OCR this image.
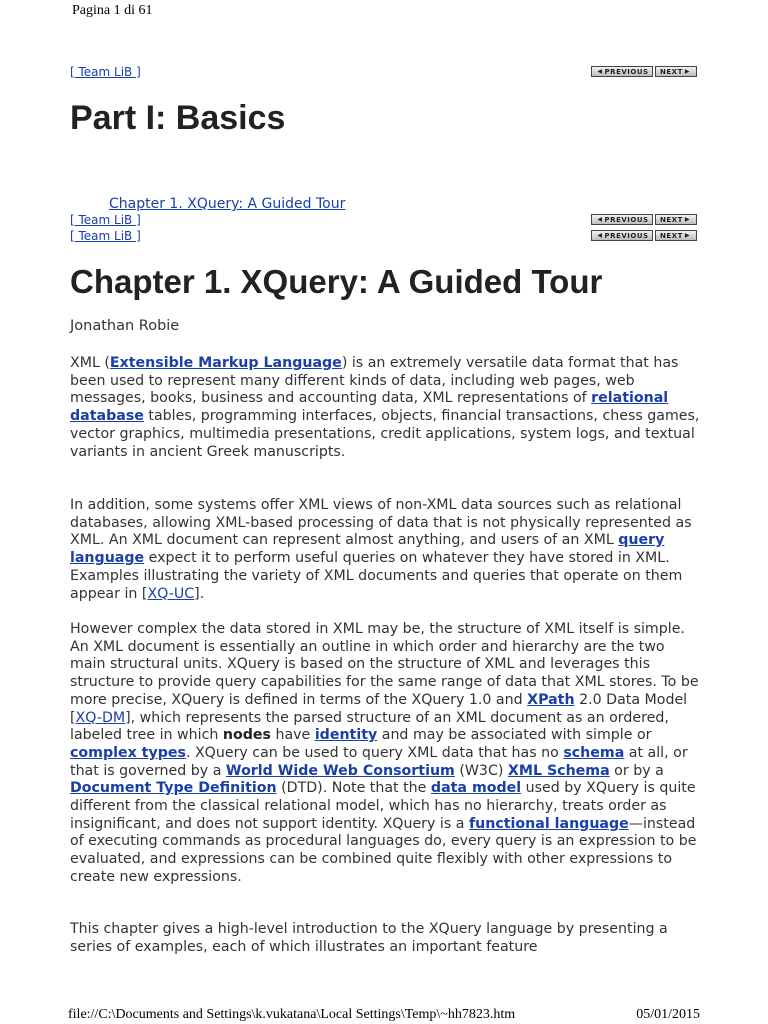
Pagina 1 di 61
[ Team LiB ]	◀ PREVIOUS NEXT ▶
Part I: Basics
Chapter 1. XQuery: A Guided Tour
[ Team LiB ]	◀ PREVIOUS NEXT ▶
[ Team LiB ]	◀ PREVIOUS NEXT ▶
Chapter 1. XQuery: A Guided Tour
Jonathan Robie
XML (Extensible Markup Language) is an extremely versatile data format that has been used to represent many different kinds of data, including web pages, web messages, books, business and accounting data, XML representations of relational database tables, programming interfaces, objects, financial transactions, chess games, vector graphics, multimedia presentations, credit applications, system logs, and textual variants in ancient Greek manuscripts.
In addition, some systems offer XML views of non-XML data sources such as relational databases, allowing XML-based processing of data that is not physically represented as XML. An XML document can represent almost anything, and users of an XML query language expect it to perform useful queries on whatever they have stored in XML. Examples illustrating the variety of XML documents and queries that operate on them appear in [XQ-UC].
However complex the data stored in XML may be, the structure of XML itself is simple. An XML document is essentially an outline in which order and hierarchy are the two main structural units. XQuery is based on the structure of XML and leverages this structure to provide query capabilities for the same range of data that XML stores. To be more precise, XQuery is defined in terms of the XQuery 1.0 and XPath 2.0 Data Model [XQ-DM], which represents the parsed structure of an XML document as an ordered, labeled tree in which nodes have identity and may be associated with simple or complex types. XQuery can be used to query XML data that has no schema at all, or that is governed by a World Wide Web Consortium (W3C) XML Schema or by a Document Type Definition (DTD). Note that the data model used by XQuery is quite different from the classical relational model, which has no hierarchy, treats order as insignificant, and does not support identity. XQuery is a functional language—instead of executing commands as procedural languages do, every query is an expression to be evaluated, and expressions can be combined quite flexibly with other expressions to create new expressions.
This chapter gives a high-level introduction to the XQuery language by presenting a series of examples, each of which illustrates an important feature
file://C:\Documents and Settings\k.vukatana\Local Settings\Temp\~hh7823.htm	05/01/2015
